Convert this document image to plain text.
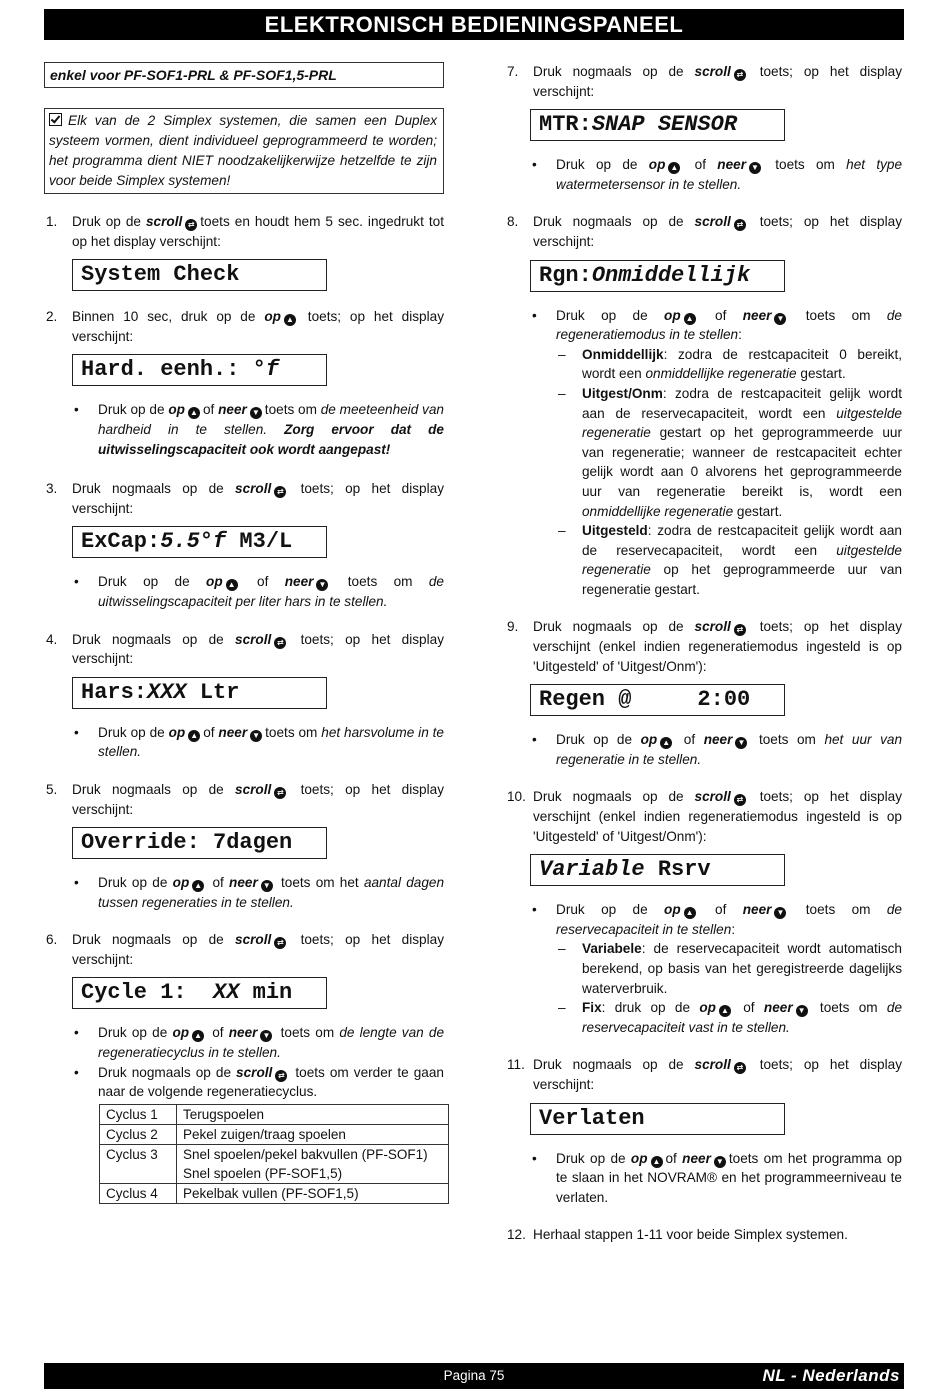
ELEKTRONISCH BEDIENINGSPANEEL
enkel voor PF-SOF1-PRL & PF-SOF1,5-PRL
Elk van de 2 Simplex systemen, die samen een Duplex systeem vormen, dient individueel geprogrammeerd te worden; het programma dient NIET noodzakelijkerwijze hetzelfde te zijn voor beide Simplex systemen!
1. Druk op de scroll ⇄ toets en houdt hem 5 sec. ingedrukt tot op het display verschijnt:
System Check
2. Binnen 10 sec, druk op de op ▲ toets; op het display verschijnt:
Hard. eenh.: °f
• Druk op de op ▲ of neer ▼ toets om de meeteenheid van hardheid in te stellen. Zorg ervoor dat de uitwisselingscapaciteit ook wordt aangepast!
3. Druk nogmaals op de scroll ⇄ toets; op het display verschijnt:
ExCap:5.5°f M3/L
• Druk op de op ▲ of neer ▼ toets om de uitwisselingscapaciteit per liter hars in te stellen.
4. Druk nogmaals op de scroll ⇄ toets; op het display verschijnt:
Hars:XXX Ltr
• Druk op de op ▲ of neer ▼ toets om het harsvolume in te stellen.
5. Druk nogmaals op de scroll ⇄ toets; op het display verschijnt:
Override: 7dagen
• Druk op de op ▲ of neer ▼ toets om het aantal dagen tussen regeneraties in te stellen.
6. Druk nogmaals op de scroll ⇄ toets; op het display verschijnt:
Cycle 1:  XX min
• Druk op de op ▲ of neer ▼ toets om de lengte van de regeneratiecyclus in te stellen.
• Druk nogmaals op de scroll ⇄ toets om verder te gaan naar de volgende regeneratiecyclus.
Cyclus 1	Terugspoelen
Cyclus 2	Pekel zuigen/traag spoelen
Cyclus 3	Snel spoelen/pekel bakvullen (PF-SOF1)
Snel spoelen (PF-SOF1,5)

Cyclus 4	Pekelbak vullen (PF-SOF1,5)
7. Druk nogmaals op de scroll ⇄ toets; op het display verschijnt:
MTR:SNAP SENSOR
• Druk op de op ▲ of neer ▼ toets om het type watermetersensor in te stellen.
8. Druk nogmaals op de scroll ⇄ toets; op het display verschijnt:
Rgn:Onmiddellijk
• Druk op de op ▲ of neer ▼ toets om de regeneratiemodus in te stellen:
– Onmiddellijk: zodra de restcapaciteit 0 bereikt, wordt een onmiddellijke regeneratie gestart.
– Uitgest/Onm: zodra de restcapaciteit gelijk wordt aan de reservecapaciteit, wordt een uitgestelde regeneratie gestart op het geprogrammeerde uur van regeneratie; wanneer de restcapaciteit echter gelijk wordt aan 0 alvorens het geprogrammeerde uur van regeneratie bereikt is, wordt een onmiddellijke regeneratie gestart.
– Uitgesteld: zodra de restcapaciteit gelijk wordt aan de reservecapaciteit, wordt een uitgestelde regeneratie op het geprogrammeerde uur van regeneratie gestart.
9. Druk nogmaals op de scroll ⇄ toets; op het display verschijnt (enkel indien regeneratiemodus ingesteld is op 'Uitgesteld' of 'Uitgest/Onm'):
Regen @     2:00
• Druk op de op ▲ of neer ▼ toets om het uur van regeneratie in te stellen.
10. Druk nogmaals op de scroll ⇄ toets; op het display verschijnt (enkel indien regeneratiemodus ingesteld is op 'Uitgesteld' of 'Uitgest/Onm'):
Variable Rsrv
• Druk op de op ▲ of neer ▼ toets om de reservecapaciteit in te stellen:
– Variabele: de reservecapaciteit wordt automatisch berekend, op basis van het geregistreerde dagelijks waterverbruik.
– Fix: druk op de op ▲ of neer ▼ toets om de reservecapaciteit vast in te stellen.
11. Druk nogmaals op de scroll ⇄ toets; op het display verschijnt:
Verlaten
• Druk op de op ▲ of neer ▼ toets om het programma op te slaan in het NOVRAM® en het programmeerniveau te verlaten.
12. Herhaal stappen 1-11 voor beide Simplex systemen.
Pagina 75	NL - Nederlands
